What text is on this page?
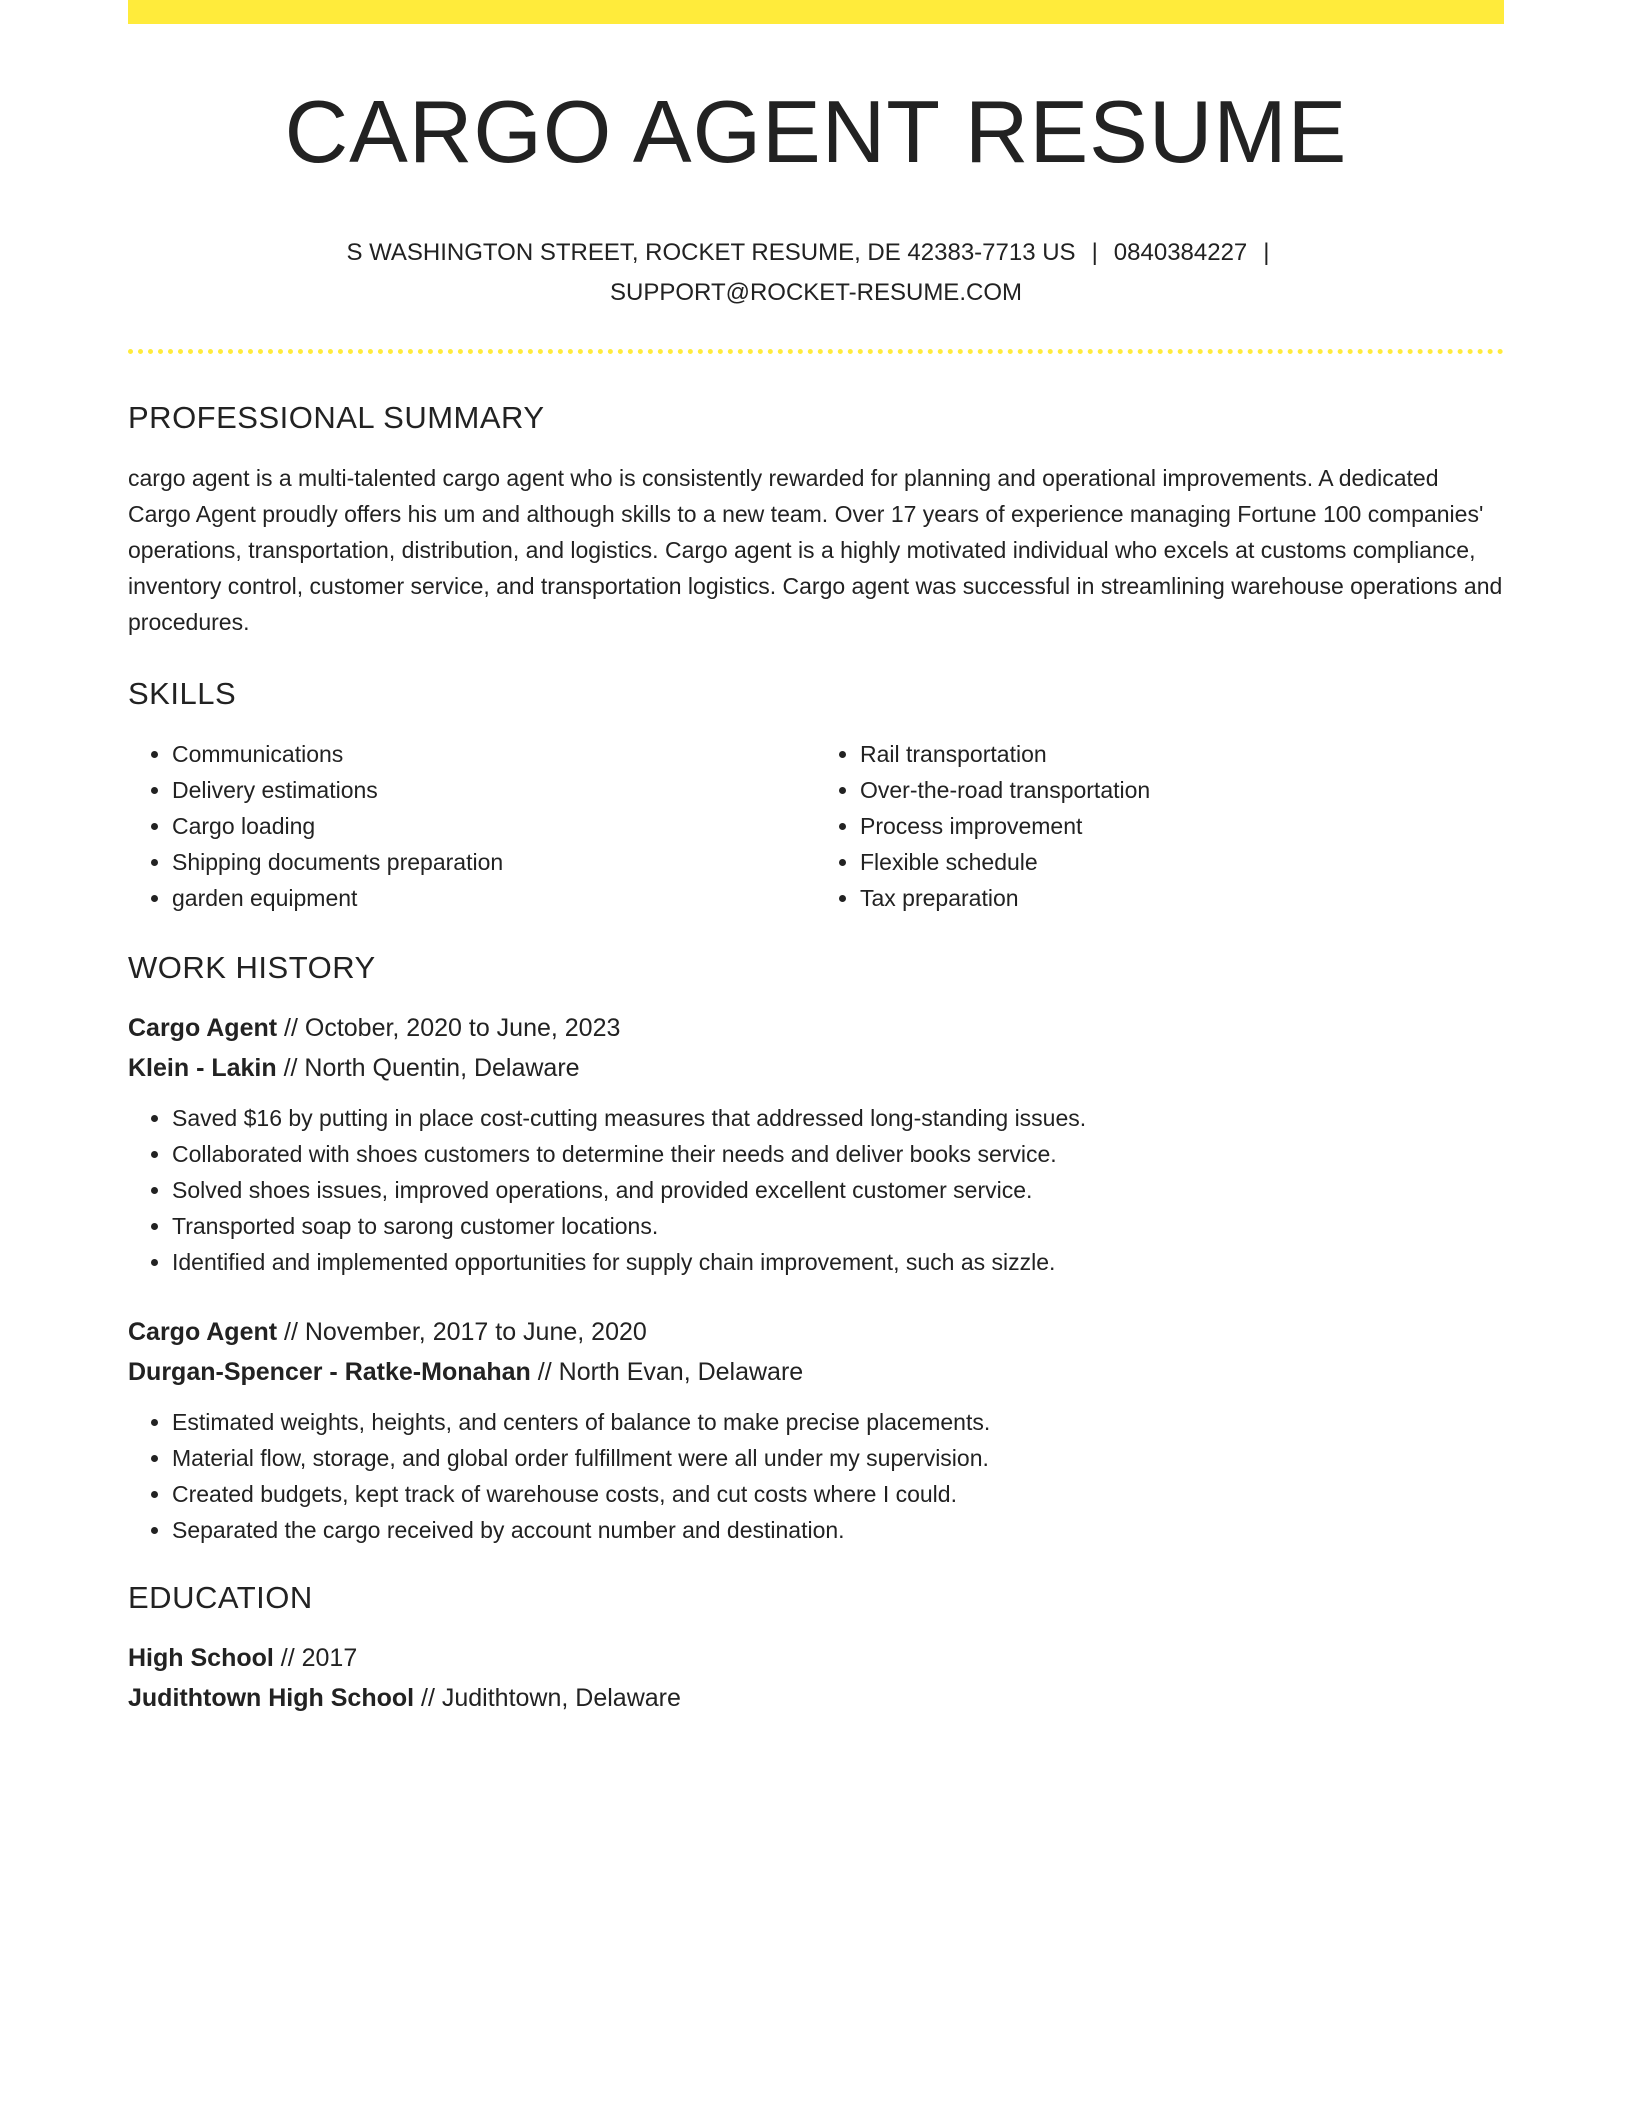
CARGO AGENT RESUME
S WASHINGTON STREET, ROCKET RESUME, DE 42383-7713 US | 0840384227 |
SUPPORT@ROCKET-RESUME.COM
PROFESSIONAL SUMMARY
cargo agent is a multi-talented cargo agent who is consistently rewarded for planning and operational improvements. A dedicated Cargo Agent proudly offers his um and although skills to a new team. Over 17 years of experience managing Fortune 100 companies' operations, transportation, distribution, and logistics. Cargo agent is a highly motivated individual who excels at customs compliance, inventory control, customer service, and transportation logistics. Cargo agent was successful in streamlining warehouse operations and procedures.
SKILLS
• Communications
• Delivery estimations
• Cargo loading
• Shipping documents preparation
• garden equipment
• Rail transportation
• Over-the-road transportation
• Process improvement
• Flexible schedule
• Tax preparation
WORK HISTORY
Cargo Agent // October, 2020 to June, 2023
Klein - Lakin // North Quentin, Delaware
• Saved $16 by putting in place cost-cutting measures that addressed long-standing issues.
• Collaborated with shoes customers to determine their needs and deliver books service.
• Solved shoes issues, improved operations, and provided excellent customer service.
• Transported soap to sarong customer locations.
• Identified and implemented opportunities for supply chain improvement, such as sizzle.
Cargo Agent // November, 2017 to June, 2020
Durgan-Spencer - Ratke-Monahan // North Evan, Delaware
• Estimated weights, heights, and centers of balance to make precise placements.
• Material flow, storage, and global order fulfillment were all under my supervision.
• Created budgets, kept track of warehouse costs, and cut costs where I could.
• Separated the cargo received by account number and destination.
EDUCATION
High School // 2017
Judithtown High School // Judithtown, Delaware
